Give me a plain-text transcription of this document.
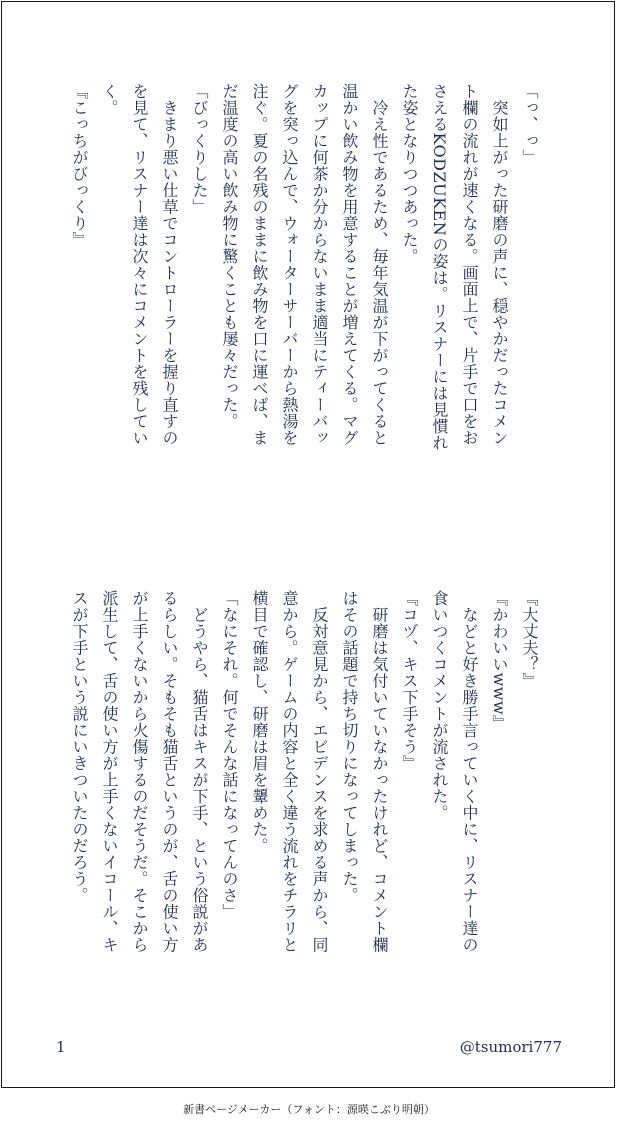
「っ、っ」
　突如上がった研磨の声に、穏やかだったコメン
ト欄の流れが速くなる。画面上で、片手で口をお
さえるKODZUKENの姿は。リスナーには見慣れ
た姿となりつつあった。
　冷え性であるため、毎年気温が下がってくると
温かい飲み物を用意することが増えてくる。マグ
カップに何茶か分からないまま適当にティーバッ
グを突っ込んで、ウォーターサーバーから熱湯を
注ぐ。夏の名残のままに飲み物を口に運べば、ま
だ温度の高い飲み物に驚くことも屡々だった。
「びっくりした」
　きまり悪い仕草でコントローラーを握り直すの
を見て、リスナー達は次々にコメントを残してい
く。
『こっちがびっくり』
『大丈夫？』
『かわいいwww』
　などと好き勝手言っていく中に、リスナー達の
食いつくコメントが流された。
『コヅ、キス下手そう』
　研磨は気付いていなかったけれど、コメント欄
はその話題で持ち切りになってしまった。
　反対意見から、エビデンスを求める声から、同
意から。ゲームの内容と全く違う流れをチラリと
横目で確認し、研磨は眉を顰めた。
「なにそれ。何でそんな話になってんのさ」
　どうやら、猫舌はキスが下手、という俗説があ
るらしい。そもそも猫舌というのが、舌の使い方
が上手くないから火傷するのだそうだ。そこから
派生して、舌の使い方が上手くないイコール、キ
スが下手という説にいきついたのだろう。
1	@tsumori777
新書ページメーカー（フォント：源暎こぶり明朝）
